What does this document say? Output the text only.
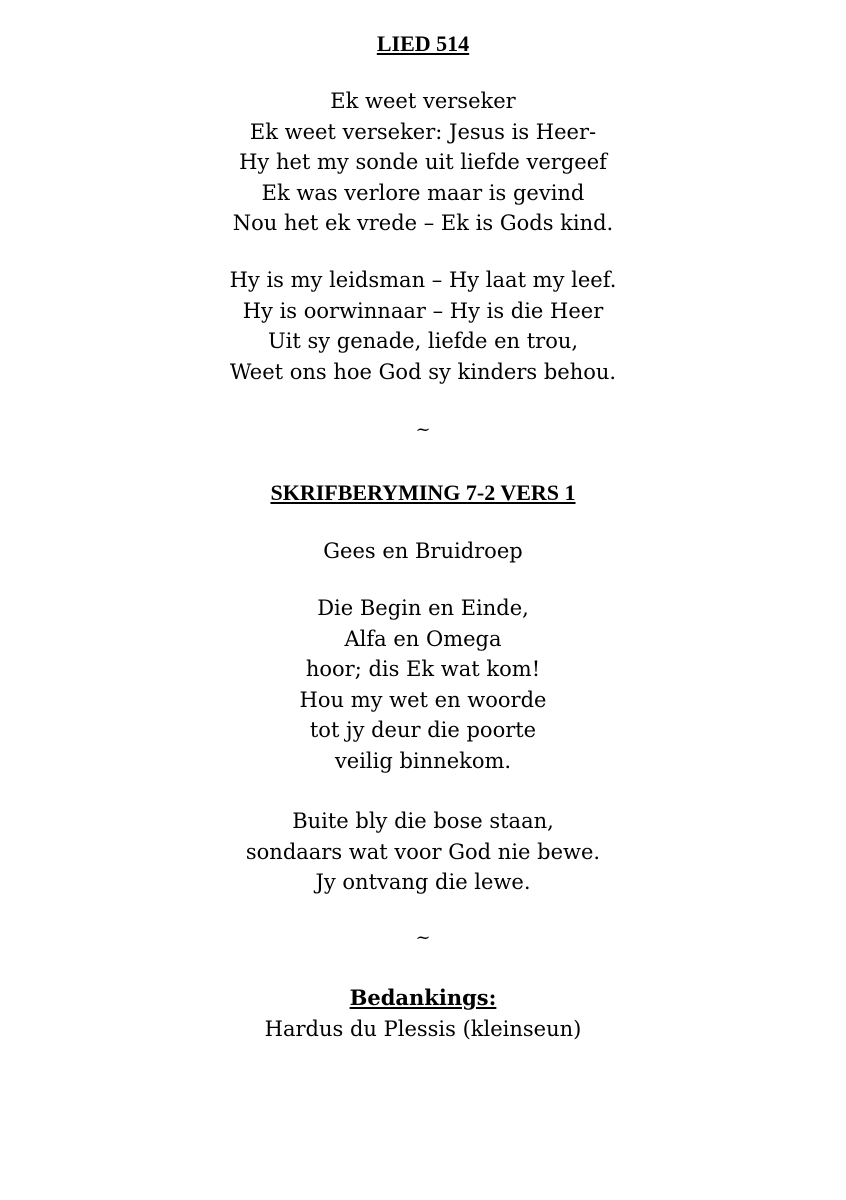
LIED 514
Ek weet verseker
Ek weet verseker: Jesus is Heer-
Hy het my sonde uit liefde vergeef
Ek was verlore maar is gevind
Nou het ek vrede – Ek is Gods kind.
Hy is my leidsman – Hy laat my leef.
Hy is oorwinnaar – Hy is die Heer
Uit sy genade, liefde en trou,
Weet ons hoe God sy kinders behou.
~
SKRIFBERYMING 7-2 VERS 1
Gees en Bruidroep
Die Begin en Einde,
Alfa en Omega
hoor; dis Ek wat kom!
Hou my wet en woorde
tot jy deur die poorte
veilig binnekom.
Buite bly die bose staan,
sondaars wat voor God nie bewe.
Jy ontvang die lewe.
~
Bedankings:
Hardus du Plessis (kleinseun)
